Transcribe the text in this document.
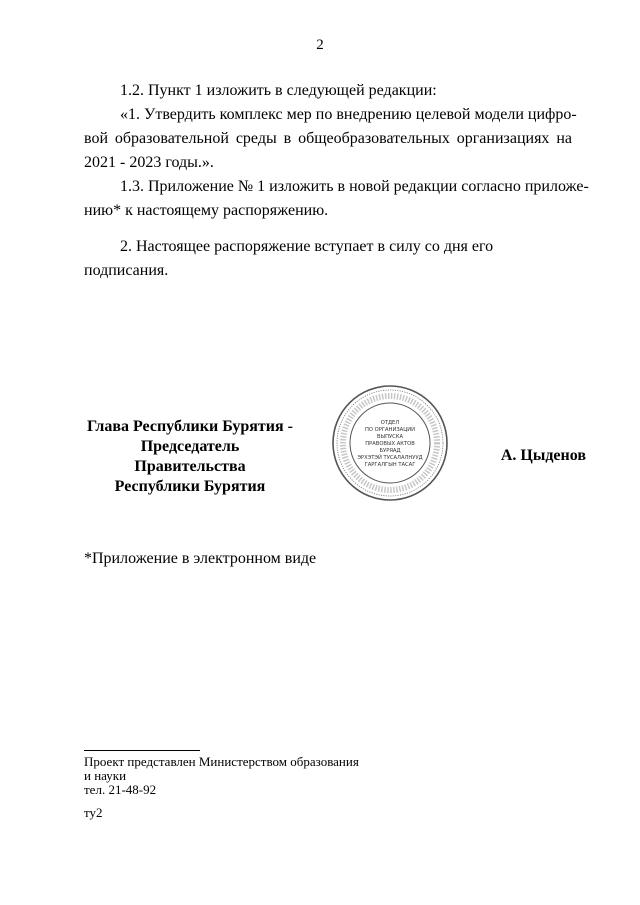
2
1.2. Пункт 1 изложить в следующей редакции:
«1. Утвердить комплекс мер по внедрению целевой модели цифро-
вой образовательной среды в общеобразовательных организациях на
2021 - 2023 годы.».
1.3. Приложение № 1 изложить в новой редакции согласно приложе-
нию* к настоящему распоряжению.
2. Настоящее распоряжение вступает в силу со дня его подписания.
Глава Республики Бурятия -
Председатель Правительства
Республики Бурятия
ОТДЕЛ
ПО ОРГАНИЗАЦИИ
ВЫПУСКА
ПРАВОВЫХ АКТОВ
БУРЯАД
ЭРХЭТЭЙ ТУСАЛАЛНУУД
ГАРГАЛГЫН ТАСАГ
А. Цыденов
*Приложение в электронном виде
Проект представлен Министерством образования
и науки
тел. 21-48-92
ту2
